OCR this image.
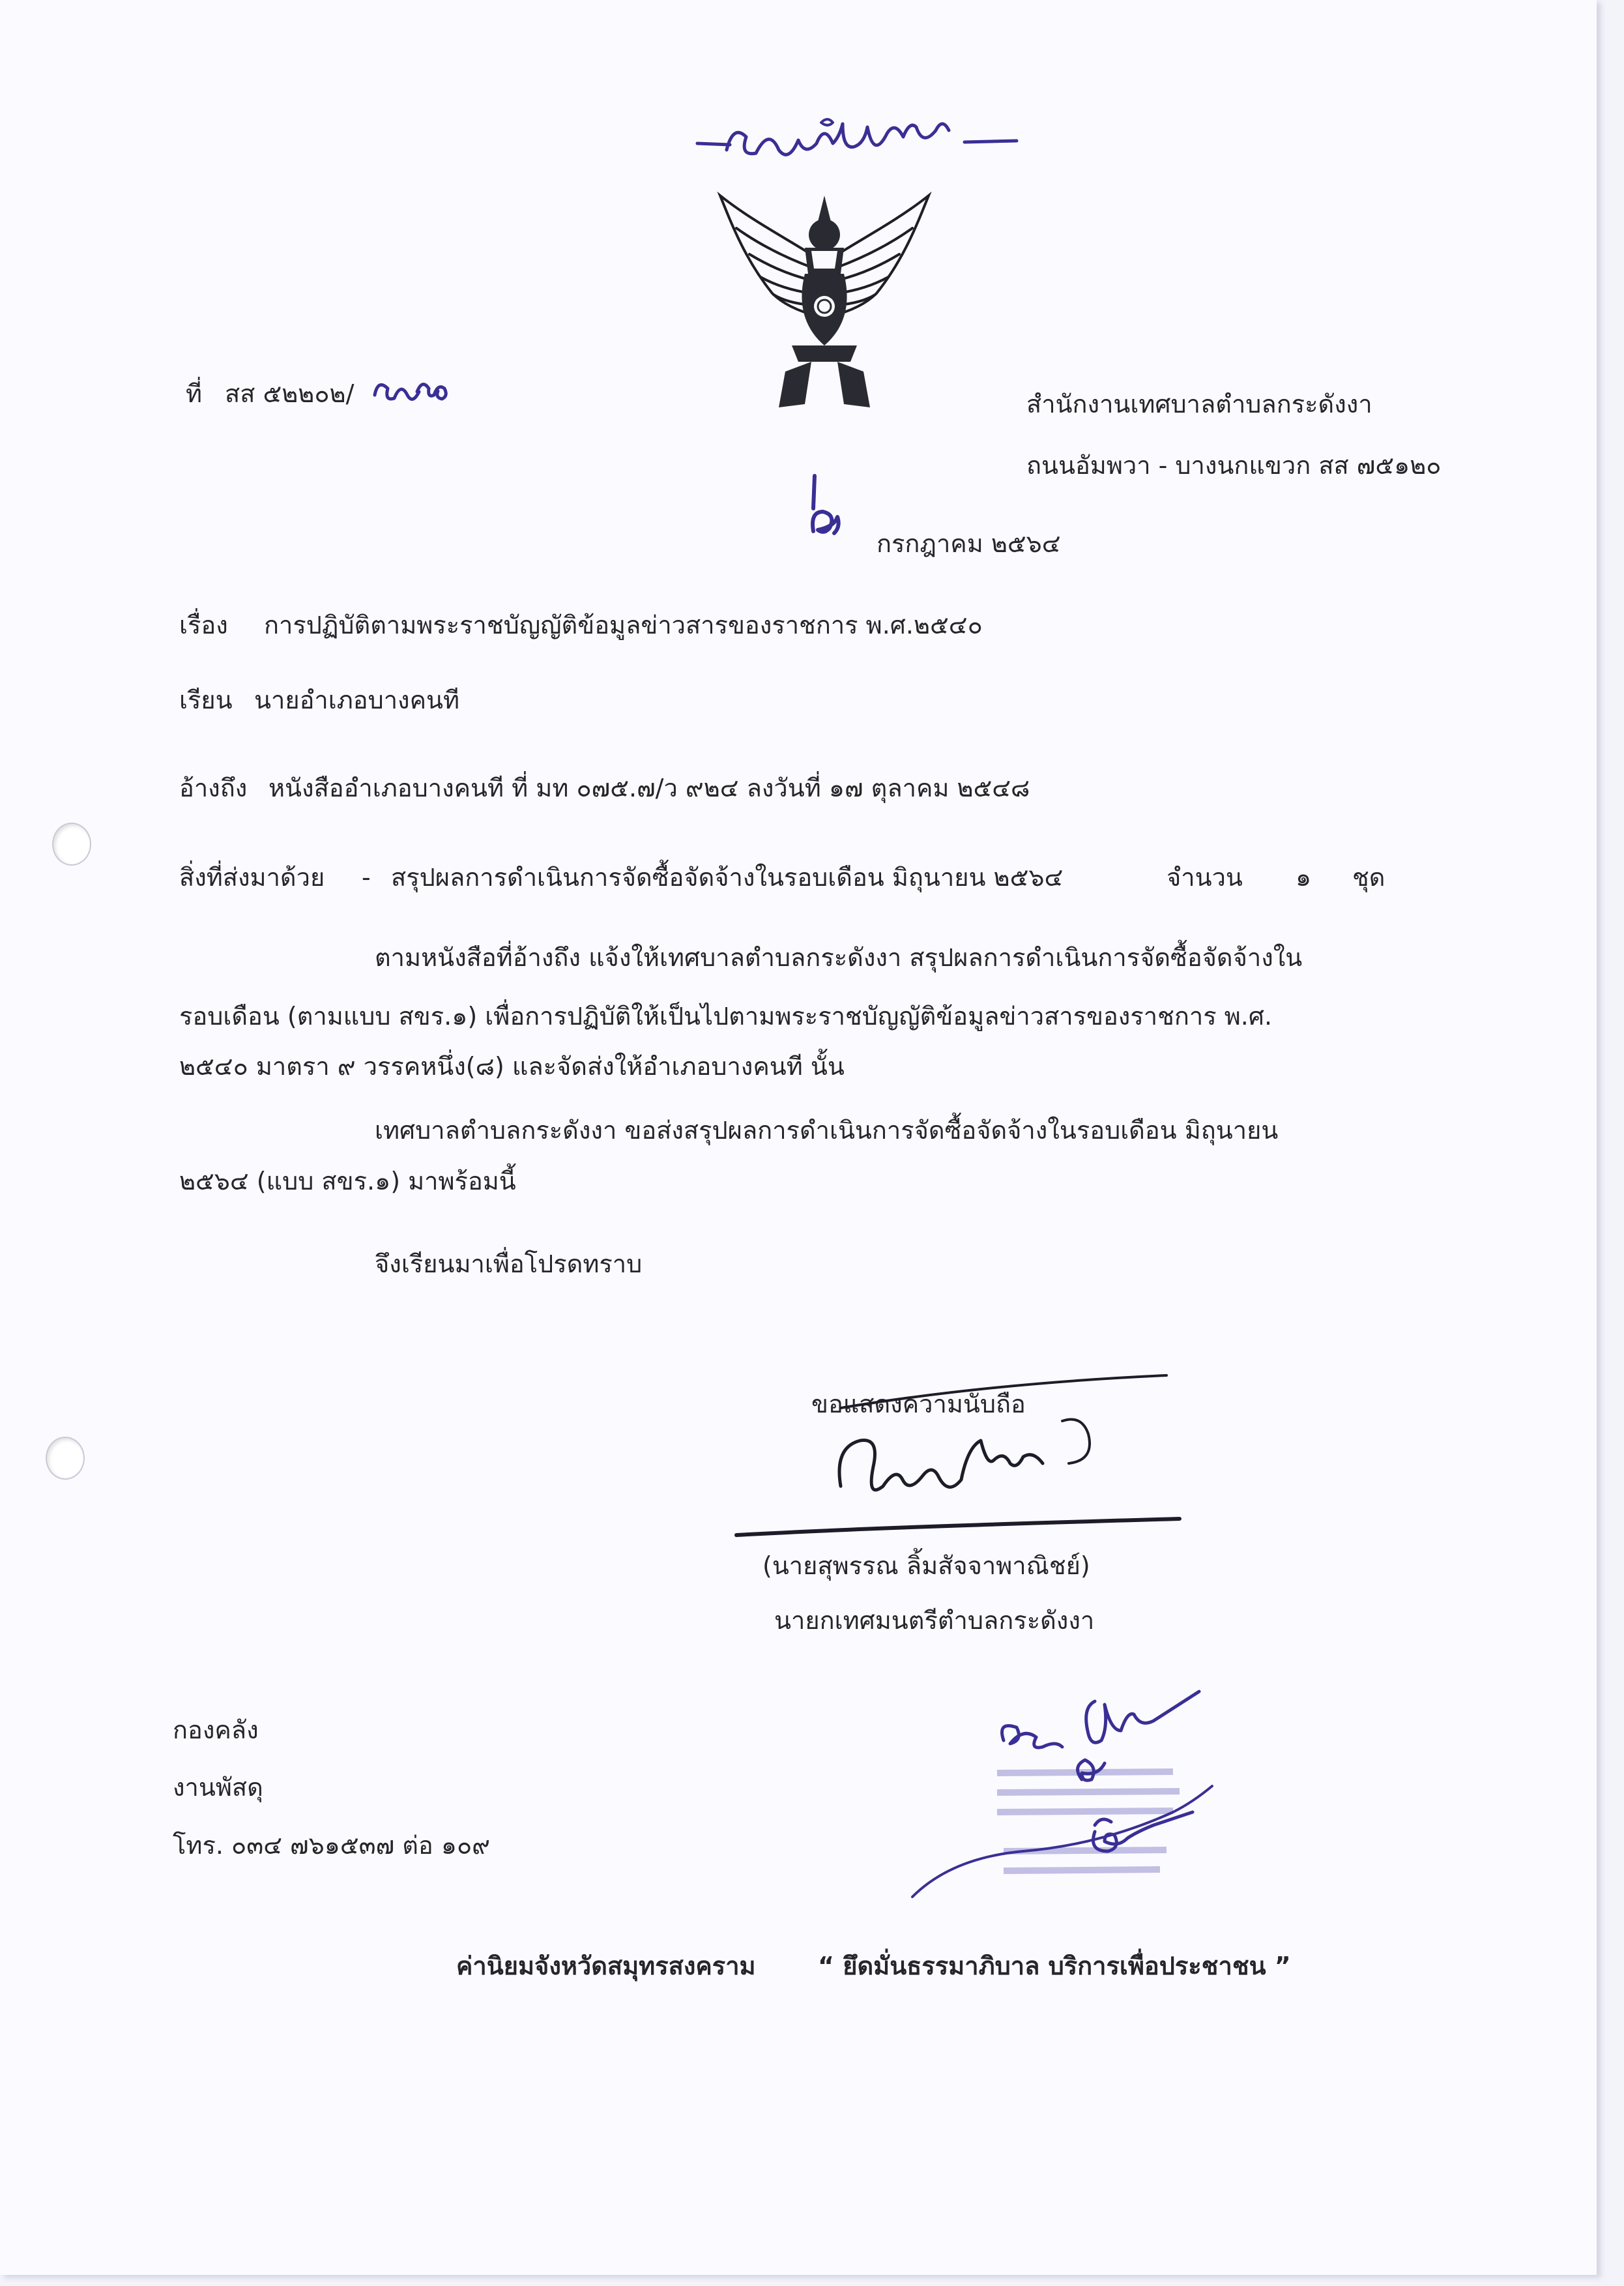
ที่ สส ๕๒๒๐๒/	สำนักงานเทศบาลตำบลกระดังงา
ถนนอัมพวา - บางนกแขวก สส ๗๕๑๒๐
กรกฎาคม ๒๕๖๔
เรื่อง การปฏิบัติตามพระราชบัญญัติข้อมูลข่าวสารของราชการ พ.ศ.๒๕๔๐
เรียน นายอำเภอบางคนที
อ้างถึง หนังสืออำเภอบางคนที ที่ มท ๐๗๕.๗/ว ๙๒๔ ลงวันที่ ๑๗ ตุลาคม ๒๕๔๘
สิ่งที่ส่งมาด้วย - สรุปผลการดำเนินการจัดซื้อจัดจ้างในรอบเดือน มิถุนายน ๒๕๖๔	จำนวน ๑ ชุด
ตามหนังสือที่อ้างถึง แจ้งให้เทศบาลตำบลกระดังงา สรุปผลการดำเนินการจัดซื้อจัดจ้างใน
รอบเดือน (ตามแบบ สขร.๑) เพื่อการปฏิบัติให้เป็นไปตามพระราชบัญญัติข้อมูลข่าวสารของราชการ พ.ศ.
๒๕๔๐ มาตรา ๙ วรรคหนึ่ง(๘) และจัดส่งให้อำเภอบางคนที นั้น
เทศบาลตำบลกระดังงา ขอส่งสรุปผลการดำเนินการจัดซื้อจัดจ้างในรอบเดือน มิถุนายน
๒๕๖๔ (แบบ สขร.๑) มาพร้อมนี้
จึงเรียนมาเพื่อโปรดทราบ
ขอแสดงความนับถือ
(นายสุพรรณ ลิ้มสัจจาพาณิชย์)
นายกเทศมนตรีตำบลกระดังงา
กองคลัง
งานพัสดุ
โทร. ๐๓๔ ๗๖๑๕๓๗ ต่อ ๑๐๙
ค่านิยมจังหวัดสมุทรสงคราม	“ ยึดมั่นธรรมาภิบาล บริการเพื่อประชาชน ”
